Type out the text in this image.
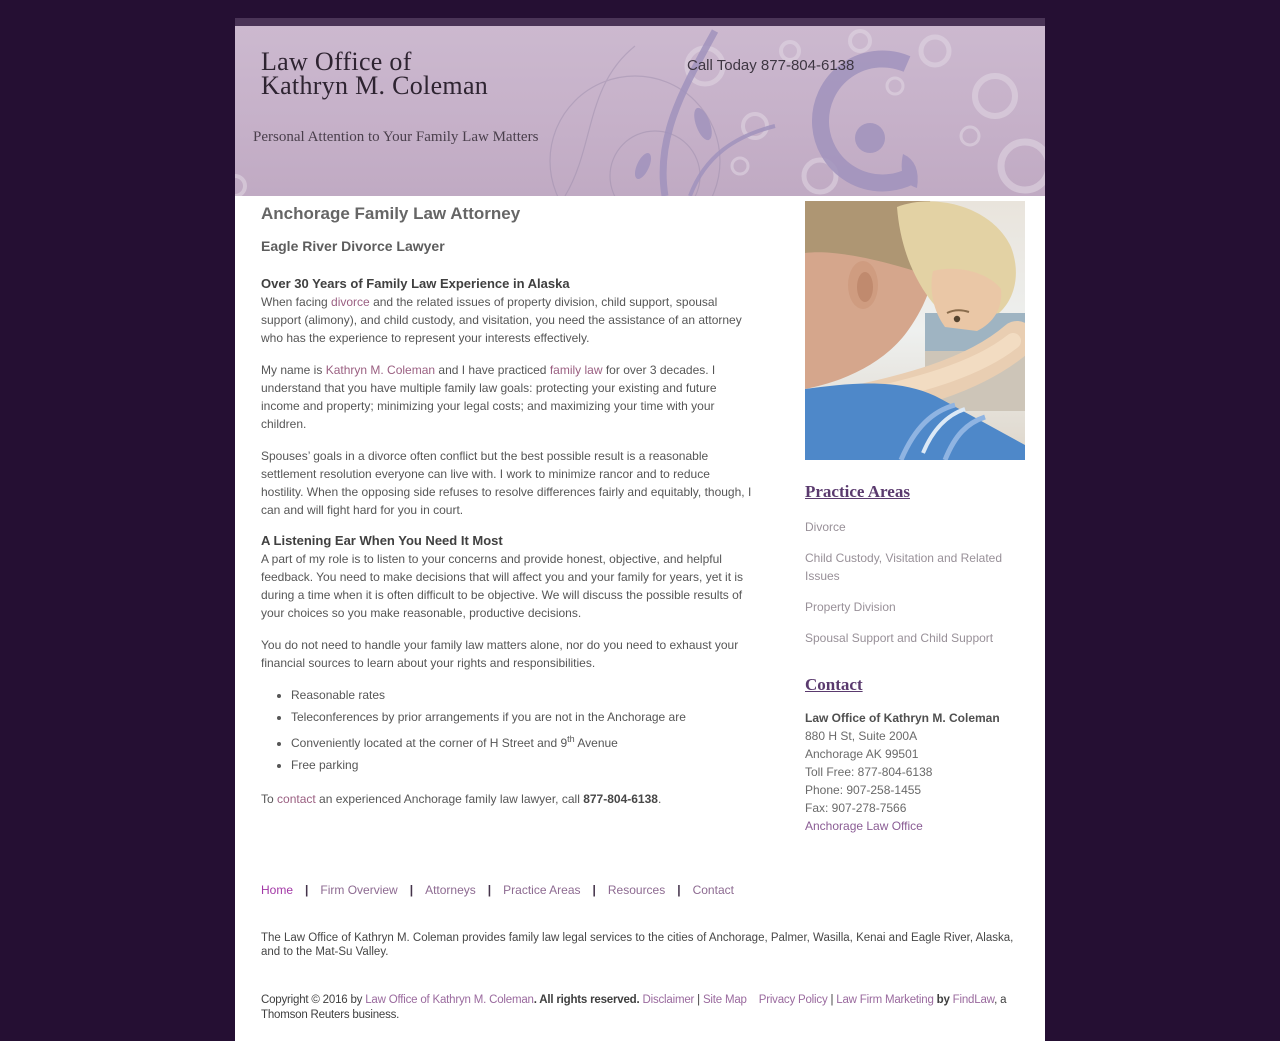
Law Office of
Kathryn M. Coleman
Call Today 877-804-6138
Personal Attention to Your Family Law Matters
Anchorage Family Law Attorney
Eagle River Divorce Lawyer
Over 30 Years of Family Law Experience in Alaska

When facing divorce and the related issues of property division, child support, spousal support (alimony), and child custody, and visitation, you need the assistance of an attorney who has the experience to represent your interests effectively.

My name is Kathryn M. Coleman and I have practiced family law for over 3 decades. I understand that you have multiple family law goals: protecting your existing and future income and property; minimizing your legal costs; and maximizing your time with your children.

Spouses’ goals in a divorce often conflict but the best possible result is a reasonable settlement resolution everyone can live with. I work to minimize rancor and to reduce hostility. When the opposing side refuses to resolve differences fairly and equitably, though, I can and will fight hard for you in court.

A Listening Ear When You Need It Most

A part of my role is to listen to your concerns and provide honest, objective, and helpful feedback. You need to make decisions that will affect you and your family for years, yet it is during a time when it is often difficult to be objective. We will discuss the possible results of your choices so you make reasonable, productive decisions.

You do not need to handle your family law matters alone, nor do you need to exhaust your financial sources to learn about your rights and responsibilities.

• Reasonable rates
• Teleconferences by prior arrangements if you are not in the Anchorage are
• Conveniently located at the corner of H Street and 9th Avenue
• Free parking

To contact an experienced Anchorage family law lawyer, call 877-804-6138.

Practice Areas
Divorce
Child Custody, Visitation and Related Issues
Property Division
Spousal Support and Child Support
Contact
Law Office of Kathryn M. Coleman
880 H St, Suite 200A
Anchorage AK 99501
Toll Free: 877-804-6138
Phone: 907-258-1455
Fax: 907-278-7566
Anchorage Law Office
Home | Firm Overview | Attorneys | Practice Areas | Resources | Contact
The Law Office of Kathryn M. Coleman provides family law legal services to the cities of Anchorage, Palmer, Wasilla, Kenai and Eagle River, Alaska, and to the Mat-Su Valley.
Copyright © 2016 by Law Office of Kathryn M. Coleman. All rights reserved. Disclaimer | Site Map Privacy Policy | Law Firm Marketing by FindLaw, a Thomson Reuters business.
